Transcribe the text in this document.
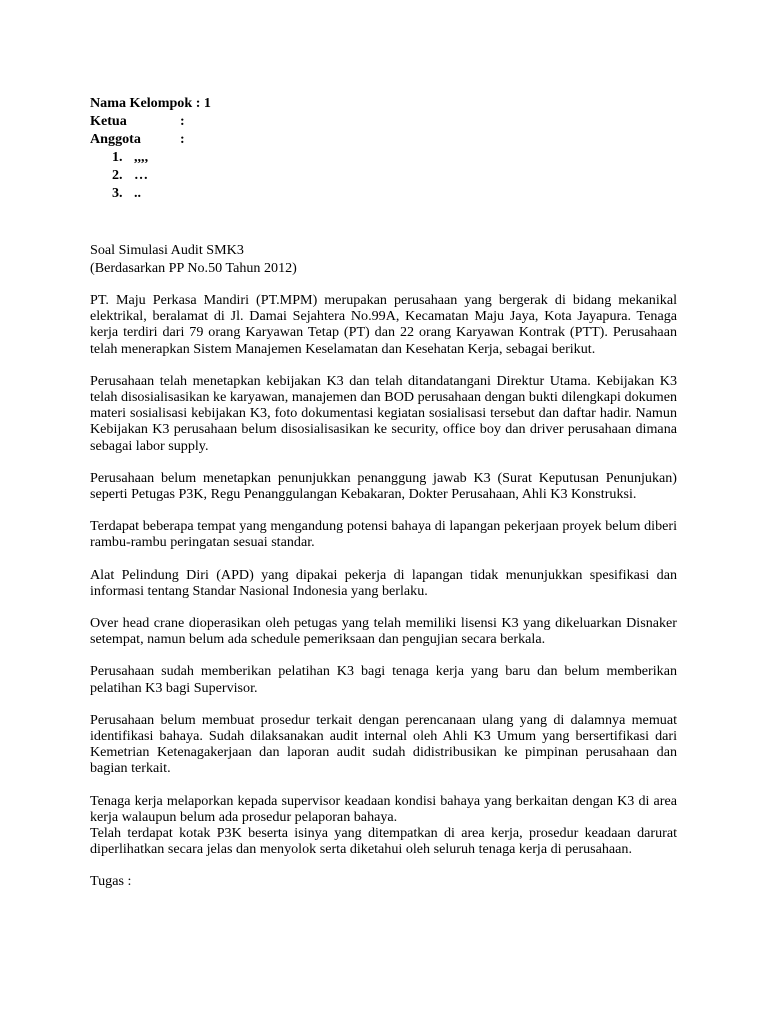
Nama Kelompok : 1
Ketua	:
Anggota	:
1. ,,,,
2. …
3. ..
Soal Simulasi Audit SMK3
(Berdasarkan PP No.50 Tahun 2012)

PT. Maju Perkasa Mandiri (PT.MPM) merupakan perusahaan yang bergerak di bidang mekanikal elektrikal, beralamat di Jl. Damai Sejahtera No.99A, Kecamatan Maju Jaya, Kota Jayapura. Tenaga kerja terdiri dari 79 orang Karyawan Tetap (PT) dan 22 orang Karyawan Kontrak (PTT). Perusahaan telah menerapkan Sistem Manajemen Keselamatan dan Kesehatan Kerja, sebagai berikut.

Perusahaan telah menetapkan kebijakan K3 dan telah ditandatangani Direktur Utama. Kebijakan K3 telah disosialisasikan ke karyawan, manajemen dan BOD perusahaan dengan bukti dilengkapi dokumen materi sosialisasi kebijakan K3, foto dokumentasi kegiatan sosialisasi tersebut dan daftar hadir. Namun Kebijakan K3 perusahaan belum disosialisasikan ke security, office boy dan driver perusahaan dimana sebagai labor supply.

Perusahaan belum menetapkan penunjukkan penanggung jawab K3 (Surat Keputusan Penunjukan) seperti Petugas P3K, Regu Penanggulangan Kebakaran, Dokter Perusahaan, Ahli K3 Konstruksi.

Terdapat beberapa tempat yang mengandung potensi bahaya di lapangan pekerjaan proyek belum diberi rambu-rambu peringatan sesuai standar.

Alat Pelindung Diri (APD) yang dipakai pekerja di lapangan tidak menunjukkan spesifikasi dan informasi tentang Standar Nasional Indonesia yang berlaku.

Over head crane dioperasikan oleh petugas yang telah memiliki lisensi K3 yang dikeluarkan Disnaker setempat, namun belum ada schedule pemeriksaan dan pengujian secara berkala.

Perusahaan sudah memberikan pelatihan K3 bagi tenaga kerja yang baru dan belum memberikan pelatihan K3 bagi Supervisor.

Perusahaan belum membuat prosedur terkait dengan perencanaan ulang yang di dalamnya memuat identifikasi bahaya. Sudah dilaksanakan audit internal oleh Ahli K3 Umum yang bersertifikasi dari Kemetrian Ketenagakerjaan dan laporan audit sudah didistribusikan ke pimpinan perusahaan dan bagian terkait.

Tenaga kerja melaporkan kepada supervisor keadaan kondisi bahaya yang berkaitan dengan K3 di area kerja walaupun belum ada prosedur pelaporan bahaya.

Telah terdapat kotak P3K beserta isinya yang ditempatkan di area kerja, prosedur keadaan darurat diperlihatkan secara jelas dan menyolok serta diketahui oleh seluruh tenaga kerja di perusahaan.

Tugas :
